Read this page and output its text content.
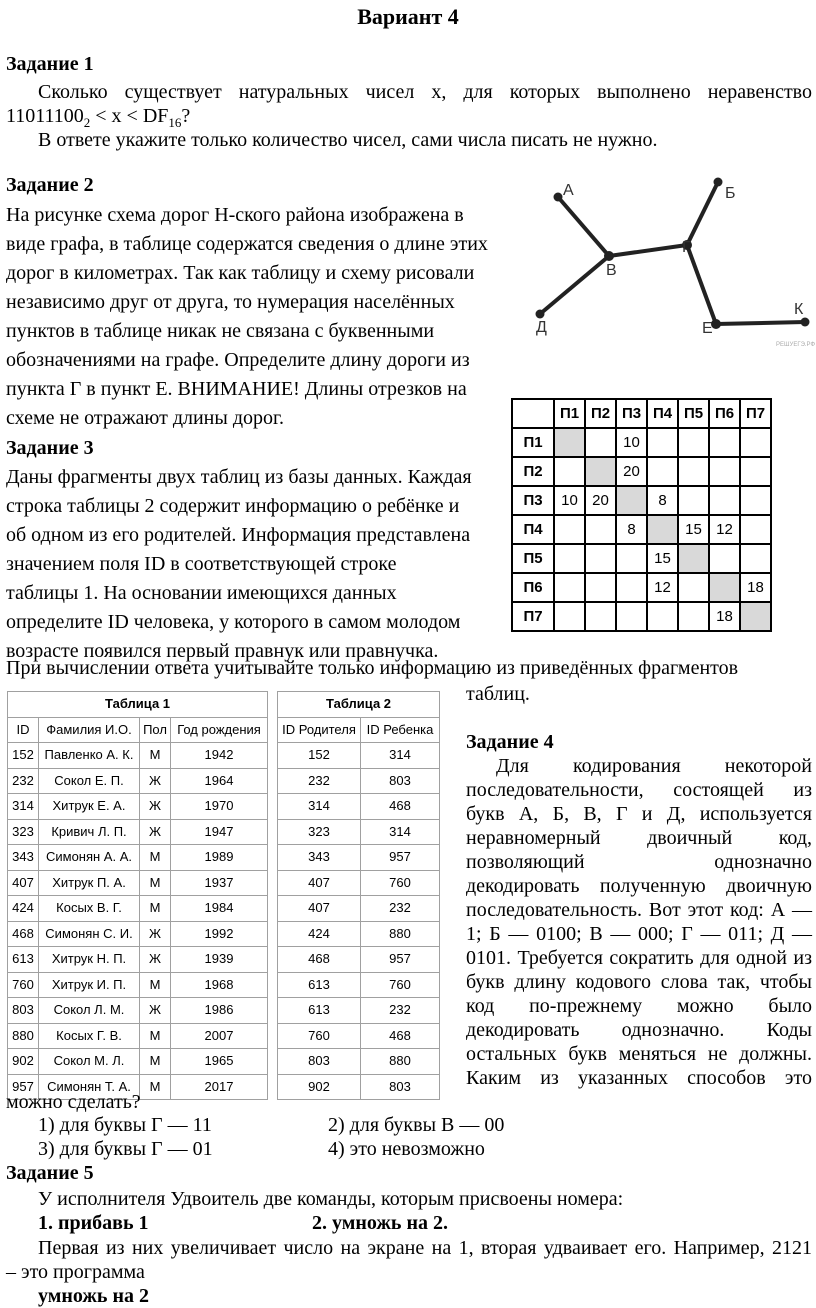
Вариант 4
Задание 1
Сколько существует натуральных чисел x, для которых выполнено неравенство
$11011100_2 < x < DF_{16}$?
В ответе укажите только количество чисел, сами числа писать не нужно.
Задание 2
На рисунке схема дорог Н-ского района изображена в
виде графа, в таблице содержатся сведения о длине этих
дорог в километрах. Так как таблицу и схему рисовали
независимо друг от друга, то нумерация населённых
пунктов в таблице никак не связана с буквенными
обозначениями на графе. Определите длину дороги из
пункта Г в пункт Е. ВНИМАНИЕ! Длины отрезков на
схеме не отражают длины дорог.
А	Б
В
Г
Д	Е
К
РЕШУЕГЭ.РФ
	П1	П2	П3	П4	П5	П6	П7
П1			10				
П2			20				
П3	10	20		8			
П4			8		15	12	
П5				15			
П6				12			18
П7						18	
Задание 3
Даны фрагменты двух таблиц из базы данных. Каждая
строка таблицы 2 содержит информацию о ребёнке и
об одном из его родителей. Информация представлена
значением поля ID в соответствующей строке
таблицы 1. На основании имеющихся данных
определите ID человека, у которого в самом молодом
возрасте появился первый правнук или правнучка.
При вычислении ответа учитывайте только информацию из приведённых фрагментов
таблиц.
Таблица 1			
ID	Фамилия И.О.	Пол	Год рождения
152	Павленко А. К.	М	1942
232	Сокол Е. П.	Ж	1964
314	Хитрук Е. А.	Ж	1970
323	Кривич Л. П.	Ж	1947
343	Симонян А. А.	М	1989
407	Хитрук П. А.	М	1937
424	Косых В. Г.	М	1984
468	Симонян С. И.	Ж	1992
613	Хитрук Н. П.	Ж	1939
760	Хитрук И. П.	М	1968
803	Сокол Л. М.	Ж	1986
880	Косых Г. В.	М	2007
902	Сокол М. Л.	М	1965
957	Симонян Т. А.	М	2017
Таблица 2	
ID Родителя	ID Ребенка
152	314
232	803
314	468
323	314
343	957
407	760
407	232
424	880
468	957
613	760
613	232
760	468
803	880
902	803
Задание 4
Для кодирования некоторой
последовательности, состоящей из
букв А, Б, В, Г и Д, используется
неравномерный двоичный код,
позволяющий однозначно
декодировать полученную двоичную
последовательность. Вот этот код: А —
1; Б — 0100; В — 000; Г — 011; Д —
0101. Требуется сократить для одной из
букв длину кодового слова так, чтобы
код по-прежнему можно было
декодировать однозначно. Коды
остальных букв меняться не должны.
Каким из указанных способов это
можно сделать?
1) для буквы Г — 11	2) для буквы В — 00
3) для буквы Г — 01	4) это невозможно
Задание 5
У исполнителя Удвоитель две команды, которым присвоены номера:
1. прибавь 1	2. умножь на 2.
Первая из них увеличивает число на экране на 1, вторая удваивает его. Например, 2121
– это программа
умножь на 2
